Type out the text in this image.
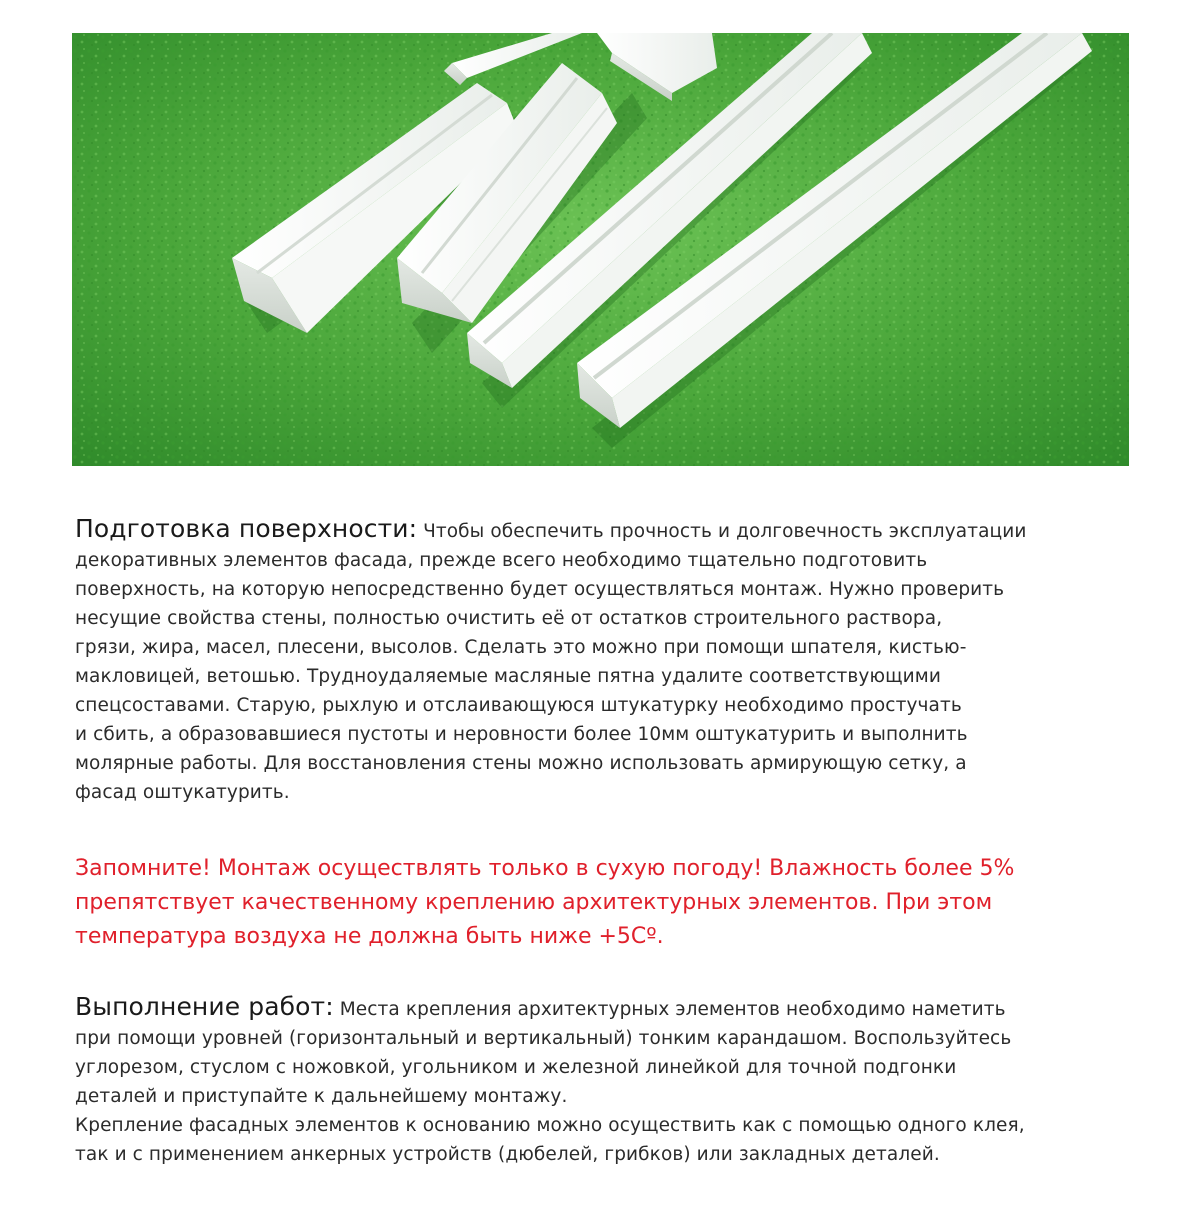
Подготовка поверхности: Чтобы обеспечить прочность и долговечность эксплуатации
декоративных элементов фасада, прежде всего необходимо тщательно подготовить
поверхность, на которую непосредственно будет осуществляться монтаж. Нужно проверить
несущие свойства стены, полностью очистить её от остатков строительного раствора,
грязи, жира, масел, плесени, высолов. Сделать это можно при помощи шпателя, кистью-
макловицей, ветошью. Трудноудаляемые масляные пятна удалите соответствующими
спецсоставами. Старую, рыхлую и отслаивающуюся штукатурку необходимо простучать
и сбить, а образовавшиеся пустоты и неровности более 10мм оштукатурить и выполнить
молярные работы. Для восстановления стены можно использовать армирующую сетку, а
фасад оштукатурить.

Запомните! Монтаж осуществлять только в сухую погоду! Влажность более 5%
препятствует качественному креплению архитектурных элементов. При этом
температура воздуха не должна быть ниже +5Сº.

Выполнение работ: Места крепления архитектурных элементов необходимо наметить
при помощи уровней (горизонтальный и вертикальный) тонким карандашом. Воспользуйтесь
углорезом, стуслом с ножовкой, угольником и железной линейкой для точной подгонки
деталей и приступайте к дальнейшему монтажу.
Крепление фасадных элементов к основанию можно осуществить как с помощью одного клея,
так и с применением анкерных устройств (дюбелей, грибков) или закладных деталей.
